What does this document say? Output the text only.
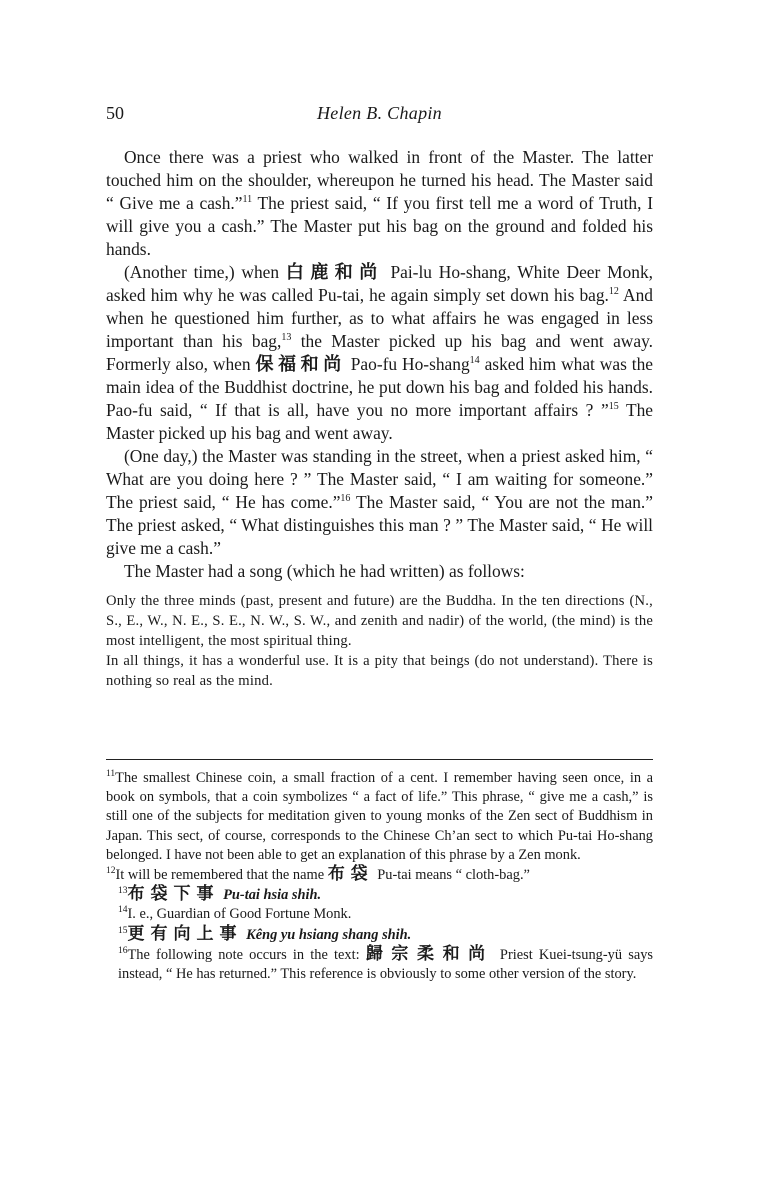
50	Helen B. Chapin

Once there was a priest who walked in front of the Master. The latter touched him on the shoulder, whereupon he turned his head. The Master said “ Give me a cash.”$^{11}$ The priest said, “ If you first tell me a word of Truth, I will give you a cash.” The Master put his bag on the ground and folded his hands.

(Another time,) when 白鹿和尚 Pai-lu Ho-shang, White Deer Monk, asked him why he was called Pu-tai, he again simply set down his bag.$^{12}$ And when he questioned him further, as to what affairs he was engaged in less important than his bag,$^{13}$ the Master picked up his bag and went away. Formerly also, when 保福和尚 Pao-fu Ho-shang$^{14}$ asked him what was the main idea of the Buddhist doctrine, he put down his bag and folded his hands. Pao-fu said, “ If that is all, have you no more important affairs ? ”$^{15}$ The Master picked up his bag and went away.

(One day,) the Master was standing in the street, when a priest asked him, “ What are you doing here ? ” The Master said, “ I am waiting for someone.” The priest said, “ He has come.”$^{16}$ The Master said, “ You are not the man.” The priest asked, “ What distinguishes this man ? ” The Master said, “ He will give me a cash.”

The Master had a song (which he had written) as follows:

Only the three minds (past, present and future) are the Buddha. In the ten directions (N., S., E., W., N. E., S. E., N. W., S. W., and zenith and nadir) of the world, (the mind) is the most intelligent, the most spiritual thing.

In all things, it has a wonderful use. It is a pity that beings (do not understand). There is nothing so real as the mind.

$^{11}$The smallest Chinese coin, a small fraction of a cent. I remember having seen once, in a book on symbols, that a coin symbolizes “ a fact of life.” This phrase, “ give me a cash,” is still one of the subjects for meditation given to young monks of the Zen sect of Buddhism in Japan. This sect, of course, corresponds to the Chinese Ch’an sect to which Pu-tai Ho-shang belonged. I have not been able to get an explanation of this phrase by a Zen monk.

$^{12}$It will be remembered that the name 布袋 Pu-tai means “ cloth-bag.”

$^{13}$布袋下事 Pu-tai hsia shih.

$^{14}$I. e., Guardian of Good Fortune Monk.

$^{15}$更有向上事 Kêng yu hsiang shang shih.

$^{16}$The following note occurs in the text: 歸宗柔和尚 Priest Kuei-tsung-yü says instead, “ He has returned.” This reference is obviously to some other version of the story.
